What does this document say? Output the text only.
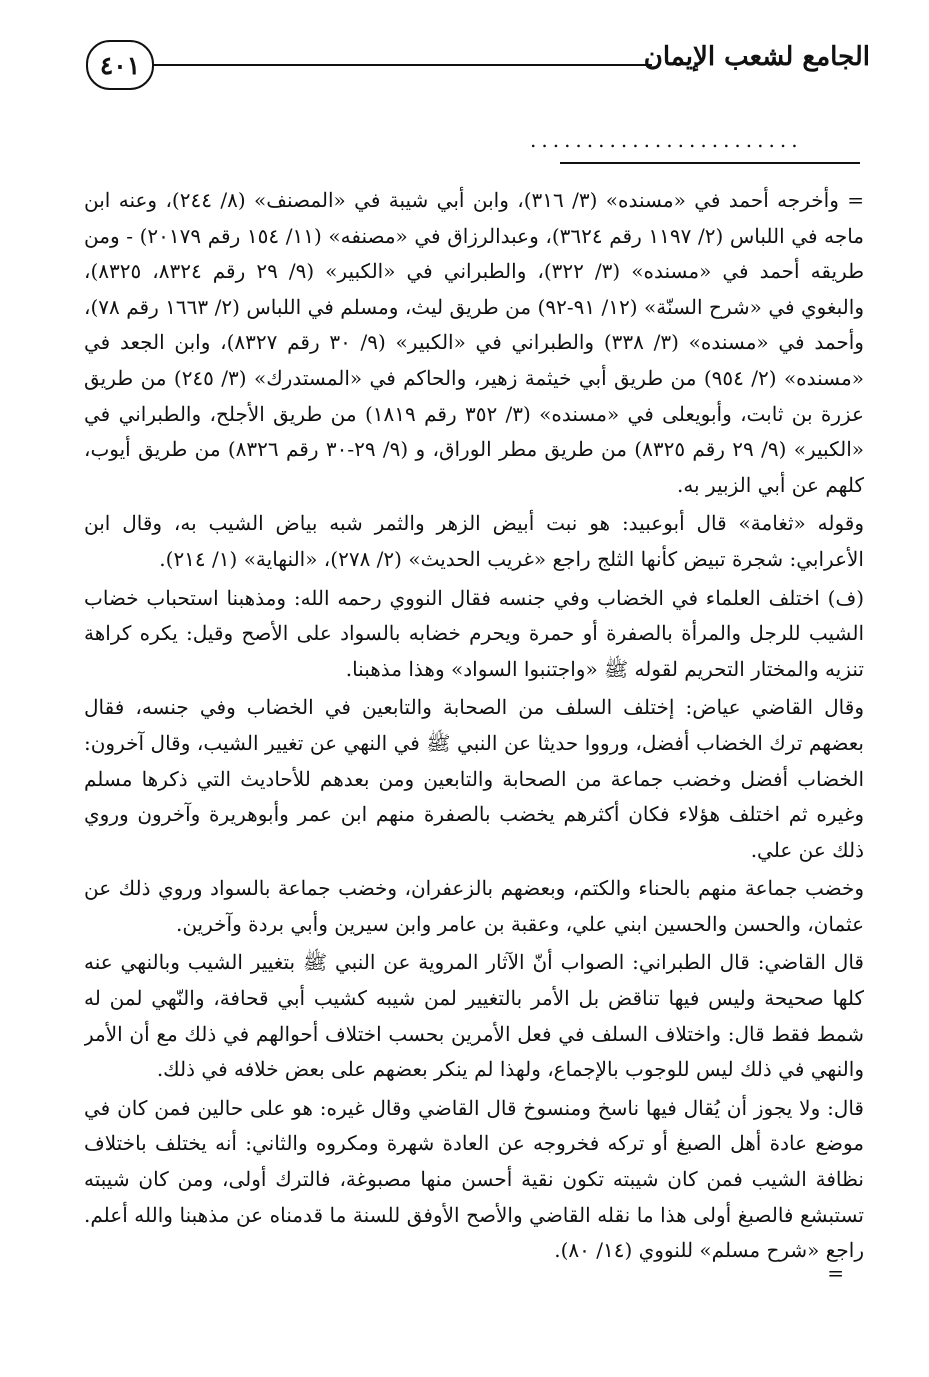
٤٠١	الجامع لشعب الإيمان
........................

= وأخرجه أحمد في «مسنده» (٣/ ٣١٦)، وابن أبي شيبة في «المصنف» (٨/ ٢٤٤)، وعنه ابن ماجه في اللباس (٢/ ١١٩٧ رقم ٣٦٢٤)، وعبدالرزاق في «مصنفه» (١١/ ١٥٤ رقم ٢٠١٧٩) - ومن طريقه أحمد في «مسنده» (٣/ ٣٢٢)، والطبراني في «الكبير» (٩/ ٢٩ رقم ٨٣٢٤، ٨٣٢٥)، والبغوي في «شرح السنّة» (١٢/ ٩١-٩٢) من طريق ليث، ومسلم في اللباس (٢/ ١٦٦٣ رقم ٧٨)، وأحمد في «مسنده» (٣/ ٣٣٨) والطبراني في «الكبير» (٩/ ٣٠ رقم ٨٣٢٧)، وابن الجعد في «مسنده» (٢/ ٩٥٤) من طريق أبي خيثمة زهير، والحاكم في «المستدرك» (٣/ ٢٤٥) من طريق عزرة بن ثابت، وأبويعلى في «مسنده» (٣/ ٣٥٢ رقم ١٨١٩) من طريق الأجلح، والطبراني في «الكبير» (٩/ ٢٩ رقم ٨٣٢٥) من طريق مطر الوراق، و (٩/ ٢٩-٣٠ رقم ٨٣٢٦) من طريق أيوب، كلهم عن أبي الزبير به.

وقوله «ثغامة» قال أبوعبيد: هو نبت أبيض الزهر والثمر شبه بياض الشيب به، وقال ابن الأعرابي: شجرة تبيض كأنها الثلج راجع «غريب الحديث» (٢/ ٢٧٨)، «النهاية» (١/ ٢١٤).

(ف) اختلف العلماء في الخضاب وفي جنسه فقال النووي رحمه الله: ومذهبنا استحباب خضاب الشيب للرجل والمرأة بالصفرة أو حمرة ويحرم خضابه بالسواد على الأصح وقيل: يكره كراهة تنزيه والمختار التحريم لقوله ﷺ «واجتنبوا السواد» وهذا مذهبنا.

وقال القاضي عياض: إختلف السلف من الصحابة والتابعين في الخضاب وفي جنسه، فقال بعضهم ترك الخضاب أفضل، ورووا حديثا عن النبي ﷺ في النهي عن تغيير الشيب، وقال آخرون: الخضاب أفضل وخضب جماعة من الصحابة والتابعين ومن بعدهم للأحاديث التي ذكرها مسلم وغيره ثم اختلف هؤلاء فكان أكثرهم يخضب بالصفرة منهم ابن عمر وأبوهريرة وآخرون وروي ذلك عن علي.

وخضب جماعة منهم بالحناء والكتم، وبعضهم بالزعفران، وخضب جماعة بالسواد وروي ذلك عن عثمان، والحسن والحسين ابني علي، وعقبة بن عامر وابن سيرين وأبي بردة وآخرين.

قال القاضي: قال الطبراني: الصواب أنّ الآثار المروية عن النبي ﷺ بتغيير الشيب وبالنهي عنه كلها صحيحة وليس فيها تناقض بل الأمر بالتغيير لمن شيبه كشيب أبي قحافة، والنّهي لمن له شمط فقط قال: واختلاف السلف في فعل الأمرين بحسب اختلاف أحوالهم في ذلك مع أن الأمر والنهي في ذلك ليس للوجوب بالإجماع، ولهذا لم ينكر بعضهم على بعض خلافه في ذلك.

قال: ولا يجوز أن يُقال فيها ناسخ ومنسوخ قال القاضي وقال غيره: هو على حالين فمن كان في موضع عادة أهل الصبغ أو تركه فخروجه عن العادة شهرة ومكروه والثاني: أنه يختلف باختلاف نظافة الشيب فمن كان شيبته تكون نقية أحسن منها مصبوغة، فالترك أولى، ومن كان شيبته تستبشع فالصبغ أولى هذا ما نقله القاضي والأصح الأوفق للسنة ما قدمناه عن مذهبنا والله أعلم. راجع «شرح مسلم» للنووي (١٤/ ٨٠).

=
